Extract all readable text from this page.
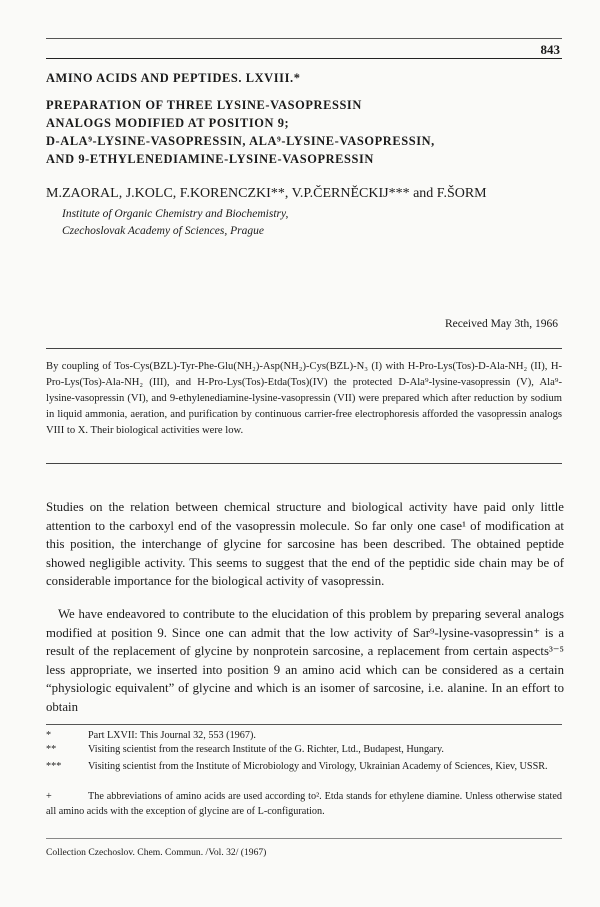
843
AMINO ACIDS AND PEPTIDES. LXVIII.*
PREPARATION OF THREE LYSINE-VASOPRESSIN
ANALOGS MODIFIED AT POSITION 9;
D-ALA⁹-LYSINE-VASOPRESSIN, ALA⁹-LYSINE-VASOPRESSIN,
AND 9-ETHYLENEDIAMINE-LYSINE-VASOPRESSIN
M.ZAORAL, J.KOLC, F.KORENCZKI**, V.P.ČERNĚCKIJ*** and F.ŠORM
Institute of Organic Chemistry and Biochemistry,
Czechoslovak Academy of Sciences, Prague
Received May 3th, 1966
By coupling of Tos-Cys(BZL)-Tyr-Phe-Glu(NH₂)-Asp(NH₂)-Cys(BZL)-N₃ (I) with H-Pro-Lys(Tos)-D-Ala-NH₂ (II), H-Pro-Lys(Tos)-Ala-NH₂ (III), and H-Pro-Lys(Tos)-Etda(Tos)(IV) the protected D-Ala⁹-lysine-vasopressin (V), Ala⁹-lysine-vasopressin (VI), and 9-ethylenediamine-lysine-vasopressin (VII) were prepared which after reduction by sodium in liquid ammonia, aeration, and purification by continuous carrier-free electrophoresis afforded the vasopressin analogs VIII to X. Their biological activities were low.

Studies on the relation between chemical structure and biological activity have paid only little attention to the carboxyl end of the vasopressin molecule. So far only one case¹ of modification at this position, the interchange of glycine for sarcosine has been described. The obtained peptide showed negligible activity. This seems to suggest that the end of the peptidic side chain may be of considerable importance for the biological activity of vasopressin.

We have endeavored to contribute to the elucidation of this problem by preparing several analogs modified at position 9. Since one can admit that the low activity of Sar⁹-lysine-vasopressin⁺ is a result of the replacement of glycine by nonprotein sarcosine, a replacement from certain aspects³⁻⁵ less appropriate, we inserted into position 9 an amino acid which can be considered as a certain “physiologic equivalent” of glycine and which is an isomer of sarcosine, i.e. alanine. In an effort to obtain

*	Part LXVII: This Journal 32, 553 (1967).
**	Visiting scientist from the research Institute of the G. Richter, Ltd., Budapest, Hungary.
***	Visiting scientist from the Institute of Microbiology and Virology, Ukrainian Academy of Sciences, Kiev, USSR.
+	The abbreviations of amino acids are used according to². Etda stands for ethylene diamine. Unless otherwise stated all amino acids with the exception of glycine are of L-configuration.
Collection Czechoslov. Chem. Commun. /Vol. 32/ (1967)
